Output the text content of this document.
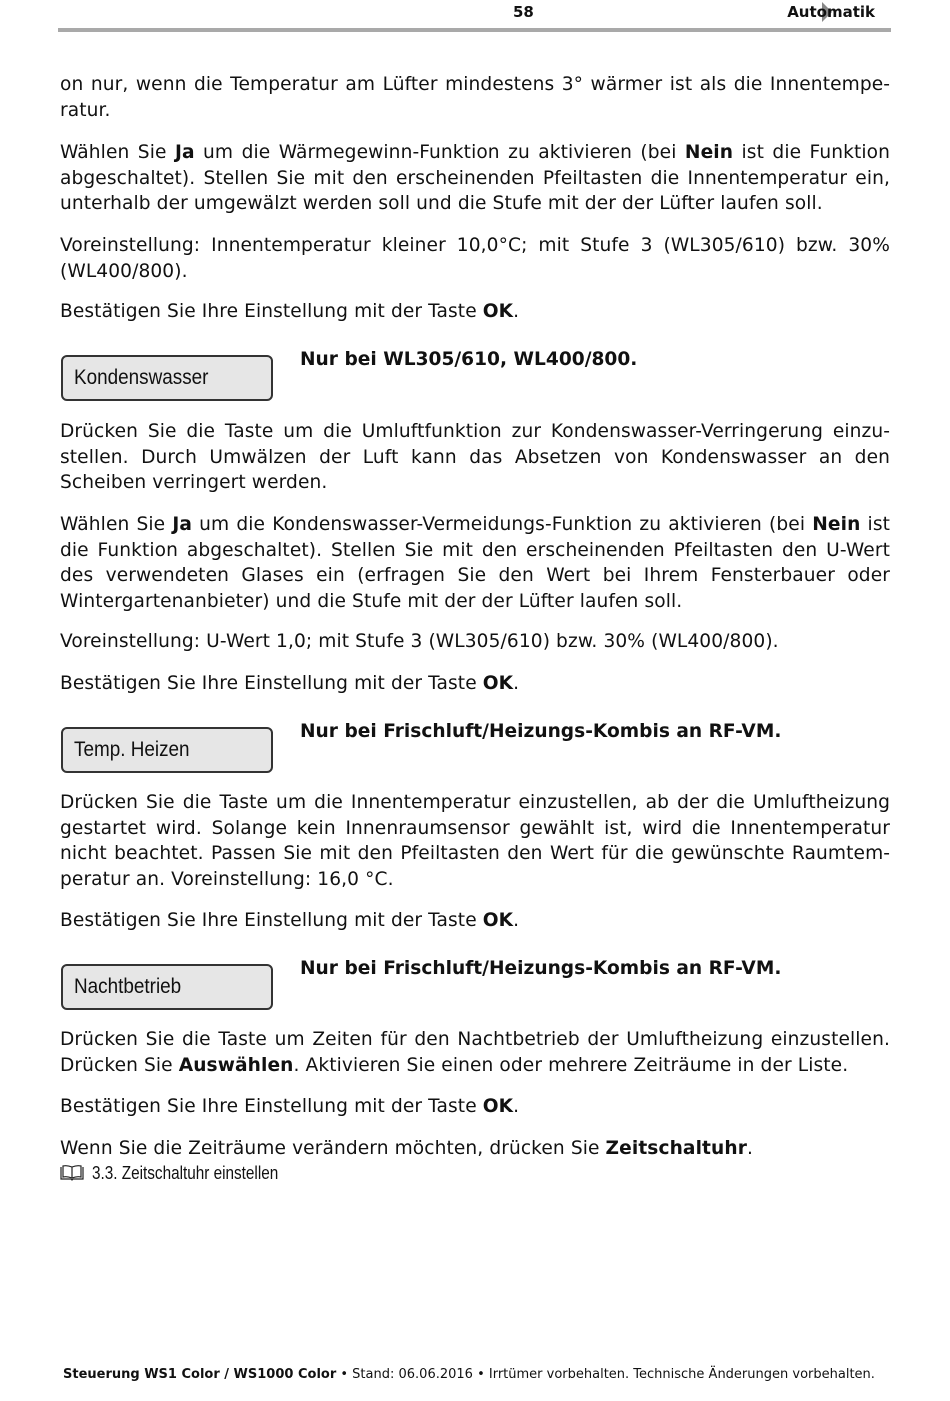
58	Automatik
on nur, wenn die Temperatur am Lüfter mindestens 3° wärmer ist als die Innentemperatur.
Wählen Sie Ja um die Wärmegewinn-Funktion zu aktivieren (bei Nein ist die Funktion abgeschaltet). Stellen Sie mit den erscheinenden Pfeiltasten die Innentemperatur ein, unterhalb der umgewälzt werden soll und die Stufe mit der der Lüfter laufen soll.
Voreinstellung: Innentemperatur kleiner 10,0°C; mit Stufe 3 (WL305/610) bzw. 30% (WL400/800).
Bestätigen Sie Ihre Einstellung mit der Taste OK.
Kondenswasser
Nur bei WL305/610, WL400/800.
Drücken Sie die Taste um die Umluftfunktion zur Kondenswasser-Verringerung einzustellen. Durch Umwälzen der Luft kann das Absetzen von Kondenswasser an den Scheiben verringert werden.
Wählen Sie Ja um die Kondenswasser-Vermeidungs-Funktion zu aktivieren (bei Nein ist die Funktion abgeschaltet). Stellen Sie mit den erscheinenden Pfeiltasten den U-Wert des verwendeten Glases ein (erfragen Sie den Wert bei Ihrem Fensterbauer oder Wintergartenanbieter) und die Stufe mit der der Lüfter laufen soll.
Voreinstellung: U-Wert 1,0; mit Stufe 3 (WL305/610) bzw. 30% (WL400/800).
Bestätigen Sie Ihre Einstellung mit der Taste OK.
Temp. Heizen
Nur bei Frischluft/Heizungs-Kombis an RF-VM.
Drücken Sie die Taste um die Innentemperatur einzustellen, ab der die Umluftheizung gestartet wird. Solange kein Innenraumsensor gewählt ist, wird die Innentemperatur nicht beachtet. Passen Sie mit den Pfeiltasten den Wert für die gewünschte Raumtemperatur an. Voreinstellung: 16,0 °C.
Bestätigen Sie Ihre Einstellung mit der Taste OK.
Nachtbetrieb
Nur bei Frischluft/Heizungs-Kombis an RF-VM.
Drücken Sie die Taste um Zeiten für den Nachtbetrieb der Umluftheizung einzustellen. Drücken Sie Auswählen. Aktivieren Sie einen oder mehrere Zeiträume in der Liste.
Bestätigen Sie Ihre Einstellung mit der Taste OK.
Wenn Sie die Zeiträume verändern möchten, drücken Sie Zeitschaltuhr.
3.3. Zeitschaltuhr einstellen
Steuerung WS1 Color / WS1000 Color • Stand: 06.06.2016 • Irrtümer vorbehalten. Technische Änderungen vorbehalten.
